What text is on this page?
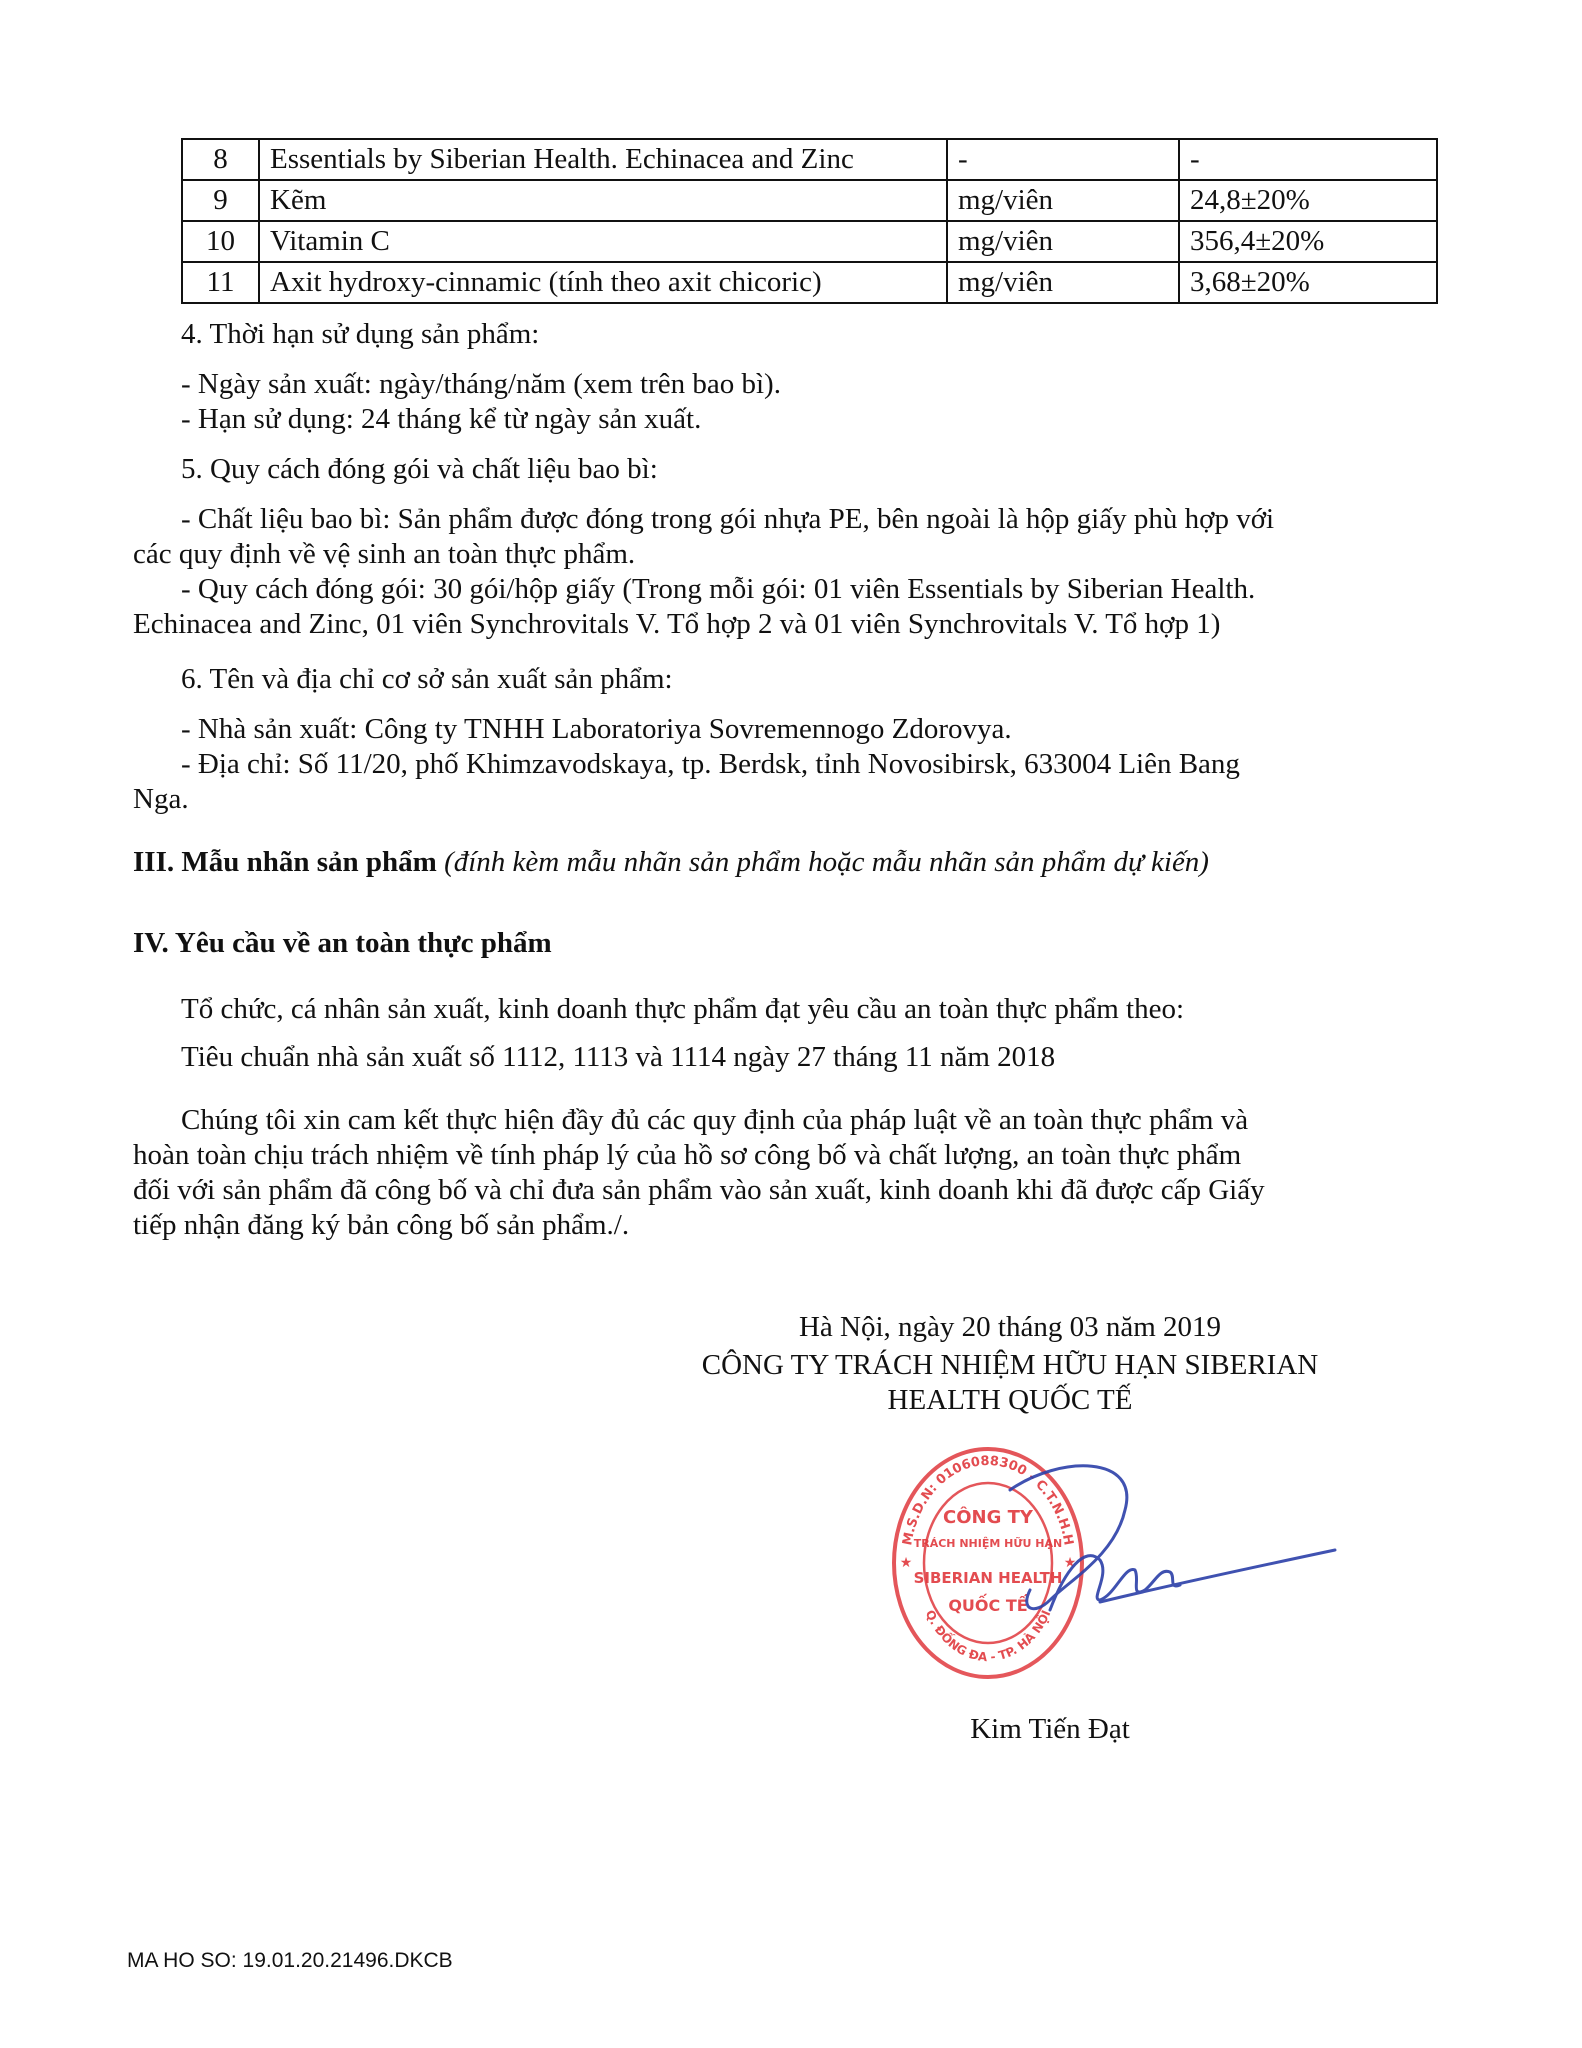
8	Essentials by Siberian Health. Echinacea and Zinc	-	-
9	Kẽm	mg/viên	24,8±20%
10	Vitamin C	mg/viên	356,4±20%
11	Axit hydroxy-cinnamic (tính theo axit chicoric)	mg/viên	3,68±20%
4. Thời hạn sử dụng sản phẩm:
- Ngày sản xuất: ngày/tháng/năm (xem trên bao bì).
- Hạn sử dụng: 24 tháng kể từ ngày sản xuất.
5. Quy cách đóng gói và chất liệu bao bì:
- Chất liệu bao bì: Sản phẩm được đóng trong gói nhựa PE, bên ngoài là hộp giấy phù hợp với
các quy định về vệ sinh an toàn thực phẩm.
- Quy cách đóng gói: 30 gói/hộp giấy (Trong mỗi gói: 01 viên Essentials by Siberian Health.
Echinacea and Zinc, 01 viên Synchrovitals V. Tổ hợp 2 và 01 viên Synchrovitals V. Tổ hợp 1)
6. Tên và địa chỉ cơ sở sản xuất sản phẩm:
- Nhà sản xuất: Công ty TNHH Laboratoriya Sovremennogo Zdorovya.
- Địa chỉ: Số 11/20, phố Khimzavodskaya, tp. Berdsk, tỉnh Novosibirsk, 633004 Liên Bang
Nga.
III. Mẫu nhãn sản phẩm (đính kèm mẫu nhãn sản phẩm hoặc mẫu nhãn sản phẩm dự kiến)
IV. Yêu cầu về an toàn thực phẩm
Tổ chức, cá nhân sản xuất, kinh doanh thực phẩm đạt yêu cầu an toàn thực phẩm theo:
Tiêu chuẩn nhà sản xuất số 1112, 1113 và 1114 ngày 27 tháng 11 năm 2018
Chúng tôi xin cam kết thực hiện đầy đủ các quy định của pháp luật về an toàn thực phẩm và
hoàn toàn chịu trách nhiệm về tính pháp lý của hồ sơ công bố và chất lượng, an toàn thực phẩm
đối với sản phẩm đã công bố và chỉ đưa sản phẩm vào sản xuất, kinh doanh khi đã được cấp Giấy
tiếp nhận đăng ký bản công bố sản phẩm./.
Hà Nội, ngày 20 tháng 03 năm 2019
CÔNG TY TRÁCH NHIỆM HỮU HẠN SIBERIAN
HEALTH QUỐC TẾ
M.S.D.N: 0106088300 - C.T.N.H.H
Q. ĐỐNG ĐA - TP. HÀ NỘI
CÔNG TY
TRÁCH NHIỆM HỮU HẠN
SIBERIAN HEALTH
QUỐC TẾ
★	★
Kim Tiến Đạt
MA HO SO: 19.01.20.21496.DKCB
